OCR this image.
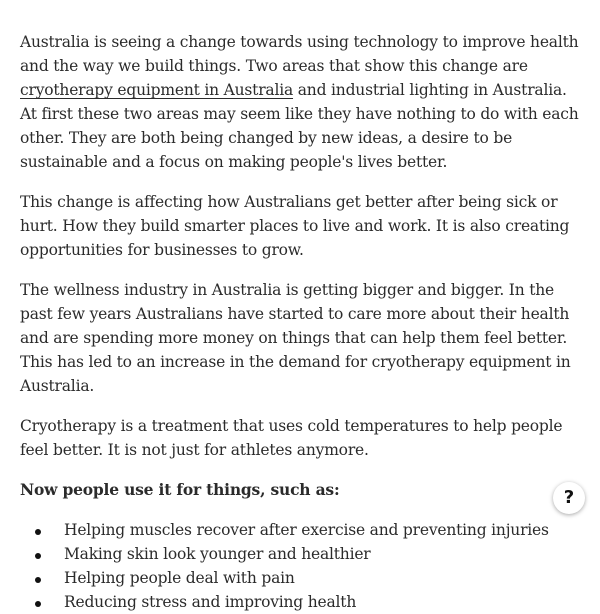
Australia is seeing a change towards using technology to improve health and the way we build things. Two areas that show this change are cryotherapy equipment in Australia and industrial lighting in Australia. At first these two areas may seem like they have nothing to do with each other. They are both being changed by new ideas, a desire to be sustainable and a focus on making people's lives better.

This change is affecting how Australians get better after being sick or hurt. How they build smarter places to live and work. It is also creating opportunities for businesses to grow.

The wellness industry in Australia is getting bigger and bigger. In the past few years Australians have started to care more about their health and are spending more money on things that can help them feel better. This has led to an increase in the demand for cryotherapy equipment in Australia.

Cryotherapy is a treatment that uses cold temperatures to help people feel better. It is not just for athletes anymore.

Now people use it for things, such as:

Helping muscles recover after exercise and preventing injuries
Making skin look younger and healthier
Helping people deal with pain
Reducing stress and improving health
?
